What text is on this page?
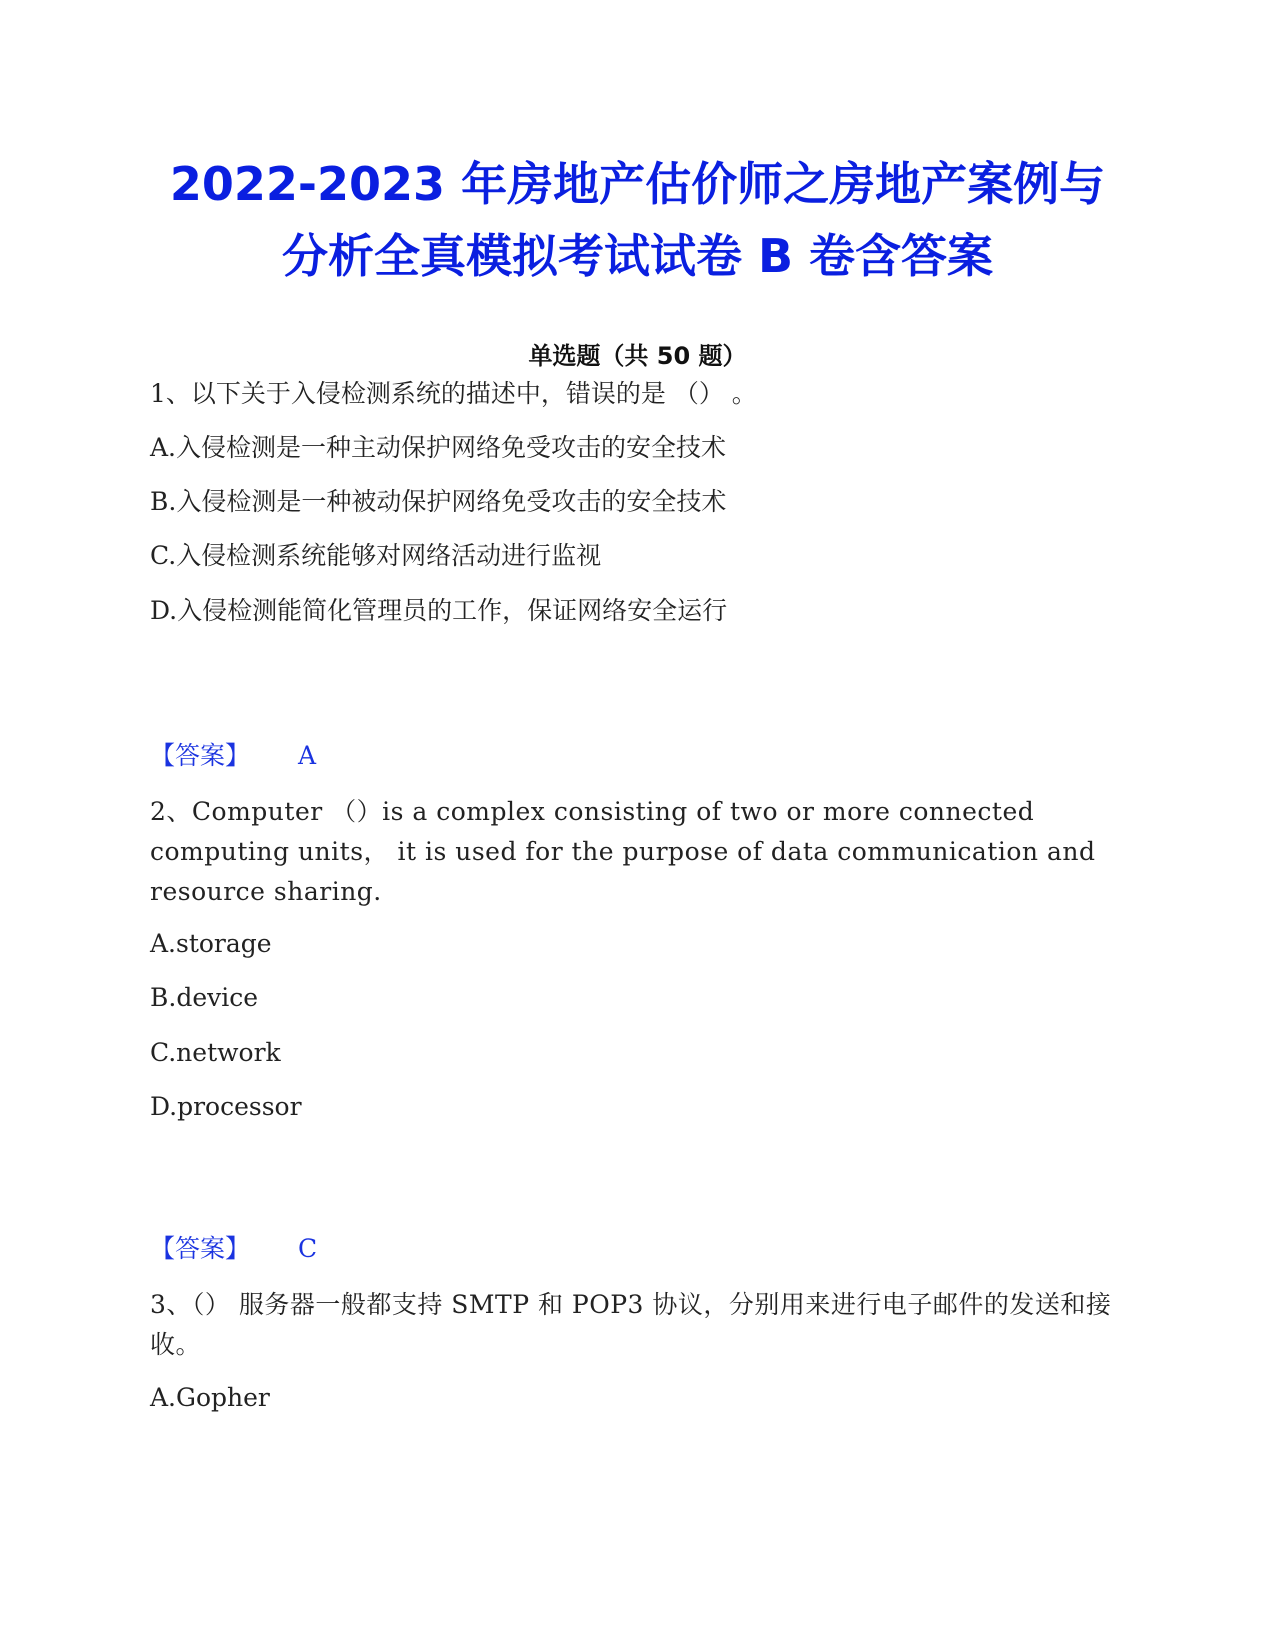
2022-2023 年房地产估价师之房地产案例与
分析全真模拟考试试卷 B 卷含答案
单选题（共 50 题）
1、以下关于入侵检测系统的描述中，错误的是 （） 。
A.入侵检测是一种主动保护网络免受攻击的安全技术
B.入侵检测是一种被动保护网络免受攻击的安全技术
C.入侵检测系统能够对网络活动进行监视
D.入侵检测能简化管理员的工作，保证网络安全运行
【答案】 A
2、Computer （）is a complex consisting of two or more connected computing units， it is used for the purpose of data communication and resource sharing.
A.storage
B.device
C.network
D.processor
【答案】 C
3、（） 服务器一般都支持 SMTP 和 POP3 协议，分别用来进行电子邮件的发送和接收。
A.Gopher
